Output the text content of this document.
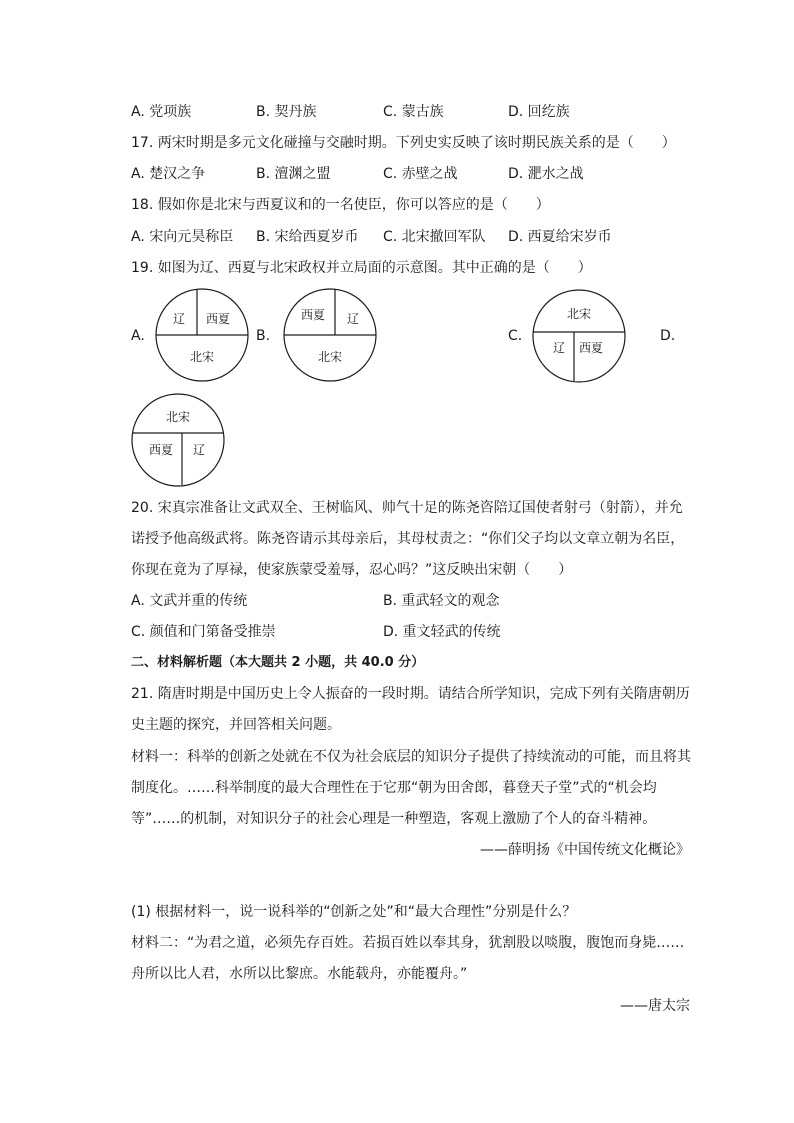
A. 党项族	B. 契丹族	C. 蒙古族	D. 回纥族
17. 两宋时期是多元文化碰撞与交融时期。下列史实反映了该时期民族关系的是（　　）
A. 楚汉之争	B. 澶渊之盟	C. 赤壁之战	D. 淝水之战
18. 假如你是北宋与西夏议和的一名使臣，你可以答应的是（　　）
A. 宋向元昊称臣 B. 宋给西夏岁币 C. 北宋撤回军队 D. 西夏给宋岁币
19. 如图为辽、西夏与北宋政权并立局面的示意图。其中正确的是（　　）
A.
辽 西夏
北宋
B.
西夏 辽
北宋
C.
北宋
辽 西夏
D.
北宋
西夏 辽
20. 宋真宗准备让文武双全、王树临风、帅气十足的陈尧咨陪辽国使者射弓（射箭），并允
诺授予他高级武将。陈尧咨请示其母亲后，其母杖责之：“你们父子均以文章立朝为名臣，
你现在竟为了厚禄，使家族蒙受羞辱，忍心吗？”这反映出宋朝（　　）
A. 文武并重的传统	B. 重武轻文的观念
C. 颜值和门第备受推崇	D. 重文轻武的传统
二、材料解析题（本大题共 2 小题，共 40.0 分）
21. 隋唐时期是中国历史上令人振奋的一段时期。请结合所学知识，完成下列有关隋唐朝历
史主题的探究，并回答相关问题。
材料一：科举的创新之处就在不仅为社会底层的知识分子提供了持续流动的可能，而且将其
制度化。……科举制度的最大合理性在于它那“朝为田舍郎，暮登天子堂”式的“机会均
等”……的机制，对知识分子的社会心理是一种塑造，客观上激励了个人的奋斗精神。
——薛明扬《中国传统文化概论》
(1) 根据材料一，说一说科举的“创新之处”和“最大合理性”分别是什么？
材料二：“为君之道，必须先存百姓。若损百姓以奉其身，犹割股以啖腹，腹饱而身毙……
舟所以比人君，水所以比黎庶。水能载舟，亦能覆舟。”
——唐太宗
